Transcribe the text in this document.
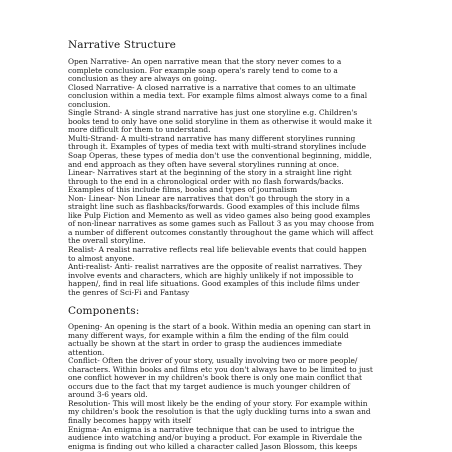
Narrative Structure
Open Narrative- An open narrative mean that the story never comes to a
complete conclusion. For example soap opera's rarely tend to come to a
conclusion as they are always on going.
Closed Narrative- A closed narrative is a narrative that comes to an ultimate
conclusion within a media text. For example films almost always come to a final
conclusion.
Single Strand- A single strand narrative has just one storyline e.g. Children's
books tend to only have one solid storyline in them as otherwise it would make it
more difficult for them to understand.
Multi-Strand- A multi-strand narrative has many different storylines running
through it. Examples of types of media text with multi-strand storylines include
Soap Operas, these types of media don't use the conventional beginning, middle,
and end approach as they often have several storylines running at once.
Linear- Narratives start at the beginning of the story in a straight line right
through to the end in a chronological order with no flash forwards/backs.
Examples of this include films, books and types of journalism
Non- Linear- Non Linear are narratives that don't go through the story in a
straight line such as flashbacks/forwards. Good examples of this include films
like Pulp Fiction and Memento as well as video games also being good examples
of non-linear narratives as some games such as Fallout 3 as you may choose from
a number of different outcomes constantly throughout the game which will affect
the overall storyline.
Realist- A realist narrative reflects real life believable events that could happen
to almost anyone.
Anti-realist- Anti- realist narratives are the opposite of realist narratives. They
involve events and characters, which are highly unlikely if not impossible to
happen/, find in real life situations. Good examples of this include films under
the genres of Sci-Fi and Fantasy
Components:
Opening- An opening is the start of a book. Within media an opening can start in
many different ways, for example within a film the ending of the film could
actually be shown at the start in order to grasp the audiences immediate
attention.
Conflict- Often the driver of your story, usually involving two or more people/
characters. Within books and films etc you don't always have to be limited to just
one conflict however in my children's book there is only one main conflict that
occurs due to the fact that my target audience is much younger children of
around 3-6 years old.
Resolution- This will most likely be the ending of your story. For example within
my children's book the resolution is that the ugly duckling turns into a swan and
finally becomes happy with itself
Enigma- An enigma is a narrative technique that can be used to intrigue the
audience into watching and/or buying a product. For example in Riverdale the
enigma is finding out who killed a character called Jason Blossom, this keeps
